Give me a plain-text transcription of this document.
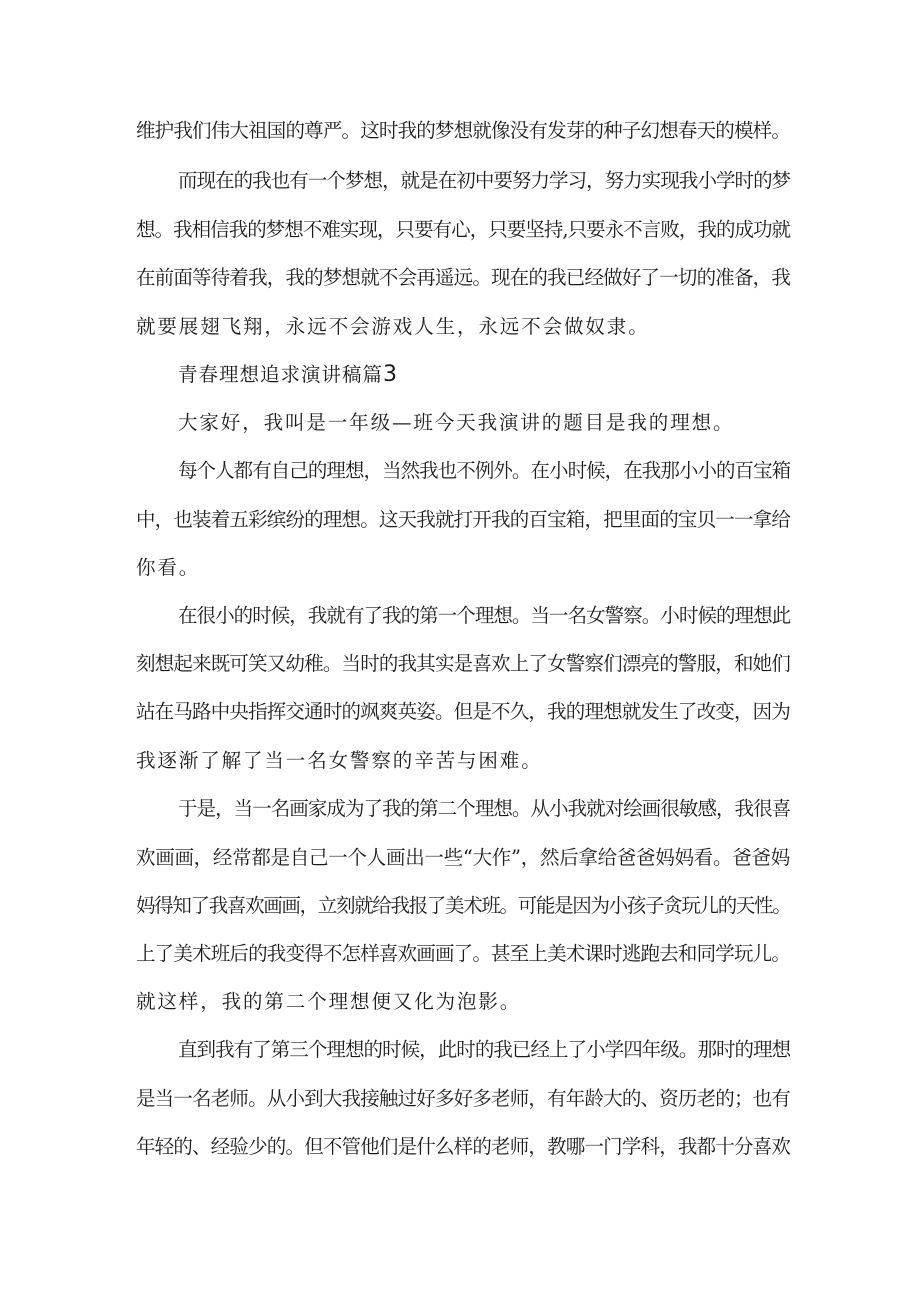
维护我们伟大祖国的尊严。这时我的梦想就像没有发芽的种子幻想春天的模样。
而现在的我也有一个梦想，就是在初中要努力学习，努力实现我小学时的梦
想。我相信我的梦想不难实现，只要有心，只要坚持,只要永不言败，我的成功就
在前面等待着我，我的梦想就不会再遥远。现在的我已经做好了一切的准备，我
就要展翅飞翔，永远不会游戏人生，永远不会做奴隶。
青春理想追求演讲稿篇3
大家好，我叫是一年级—班今天我演讲的题目是我的理想。
每个人都有自己的理想，当然我也不例外。在小时候，在我那小小的百宝箱
中，也装着五彩缤纷的理想。这天我就打开我的百宝箱，把里面的宝贝一一拿给
你看。
在很小的时候，我就有了我的第一个理想。当一名女警察。小时候的理想此
刻想起来既可笑又幼稚。当时的我其实是喜欢上了女警察们漂亮的警服，和她们
站在马路中央指挥交通时的飒爽英姿。但是不久，我的理想就发生了改变，因为
我逐渐了解了当一名女警察的辛苦与困难。
于是，当一名画家成为了我的第二个理想。从小我就对绘画很敏感，我很喜
欢画画，经常都是自己一个人画出一些“大作”，然后拿给爸爸妈妈看。爸爸妈
妈得知了我喜欢画画，立刻就给我报了美术班。可能是因为小孩子贪玩儿的天性。
上了美术班后的我变得不怎样喜欢画画了。甚至上美术课时逃跑去和同学玩儿。
就这样，我的第二个理想便又化为泡影。
直到我有了第三个理想的时候，此时的我已经上了小学四年级。那时的理想
是当一名老师。从小到大我接触过好多好多老师，有年龄大的、资历老的；也有
年轻的、经验少的。但不管他们是什么样的老师，教哪一门学科，我都十分喜欢
